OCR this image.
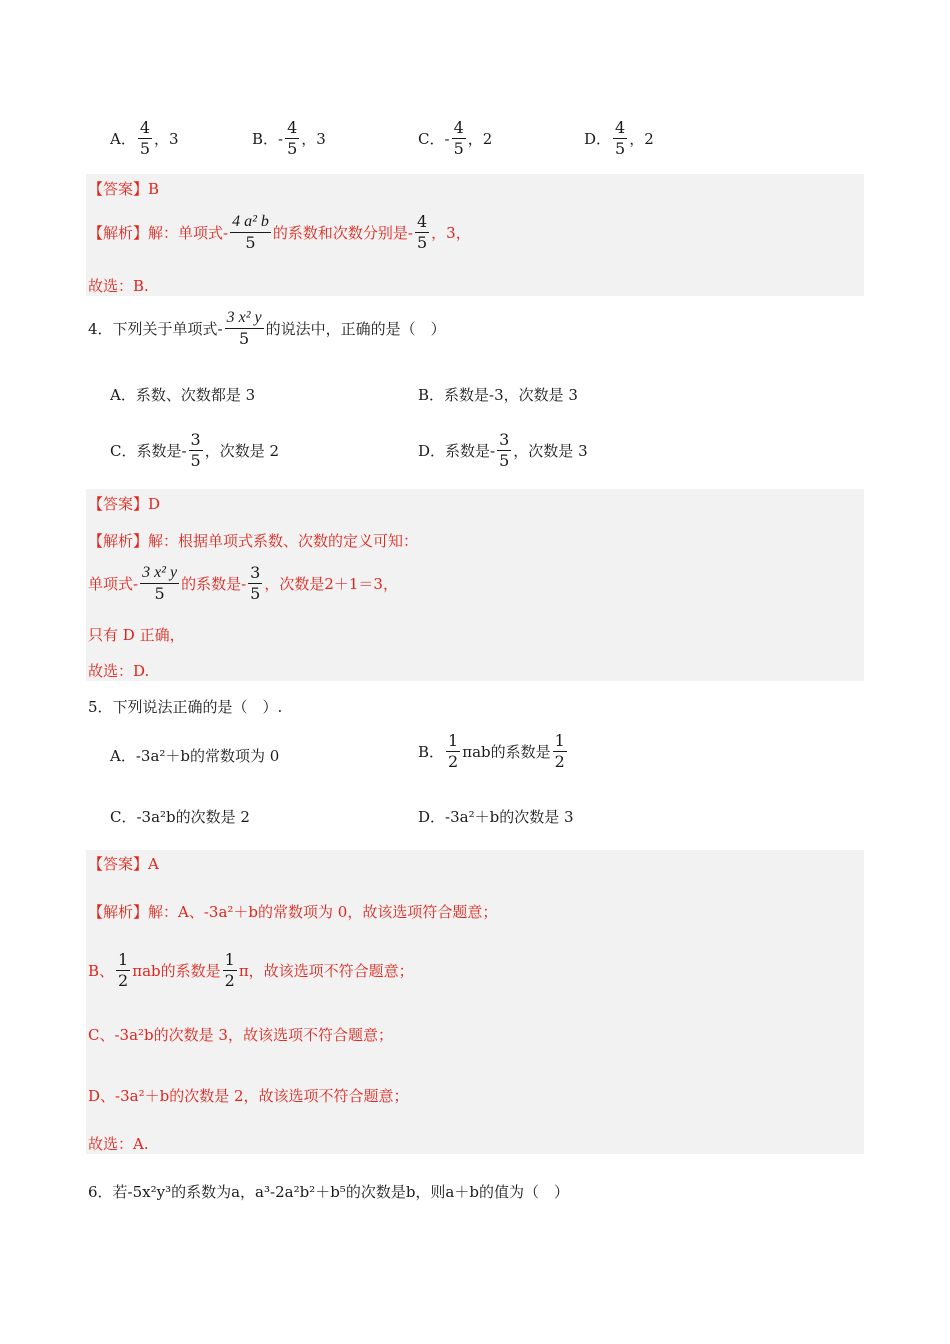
A． $\frac{4}{5}$ ，3	B． - $\frac{4}{5}$ ，3	C． - $\frac{4}{5}$ ，2	D． $\frac{4}{5}$ ，2
【答案】 B
【解析】 解：单项式- $\frac{\text{4 a² b}}{5}$ 的系数和次数分别是- $\frac{4}{5}$ ，3，
故选：B.
4．下列关于单项式- $\frac{\text{3 x² y}}{5}$ 的说法中，正确的是（　）
A．系数、次数都是 3	B．系数是-3，次数是 3
C．系数是- $\frac{3}{5}$ ，次数是 2	D．系数是- $\frac{3}{5}$ ，次数是 3
【答案】 D
【解析】 解：根据单项式系数、次数的定义可知：
单项式- $\frac{\text{3 x² y}}{5}$ 的系数是- $\frac{3}{5}$ ，次数是2＋1＝3，
只有 D 正确，
故选：D.
5．下列说法正确的是（　）.
A．-3a²＋b的常数项为 0	B． $\frac{1}{2}$ πab的系数是 $\frac{1}{2}$
C．-3a²b的次数是 2	D．-3a²＋b的次数是 3
【答案】 A
【解析】 解：A、-3a²＋b的常数项为 0，故该选项符合题意；
B、 $\frac{1}{2}$ πab的系数是 $\frac{1}{2}$ π，故该选项不符合题意；
C、-3a²b的次数是 3，故该选项不符合题意；
D、-3a²＋b的次数是 2，故该选项不符合题意；
故选：A.
6．若-5x²y³的系数为a，a³-2a²b²＋b⁵的次数是b，则a＋b的值为（　）
